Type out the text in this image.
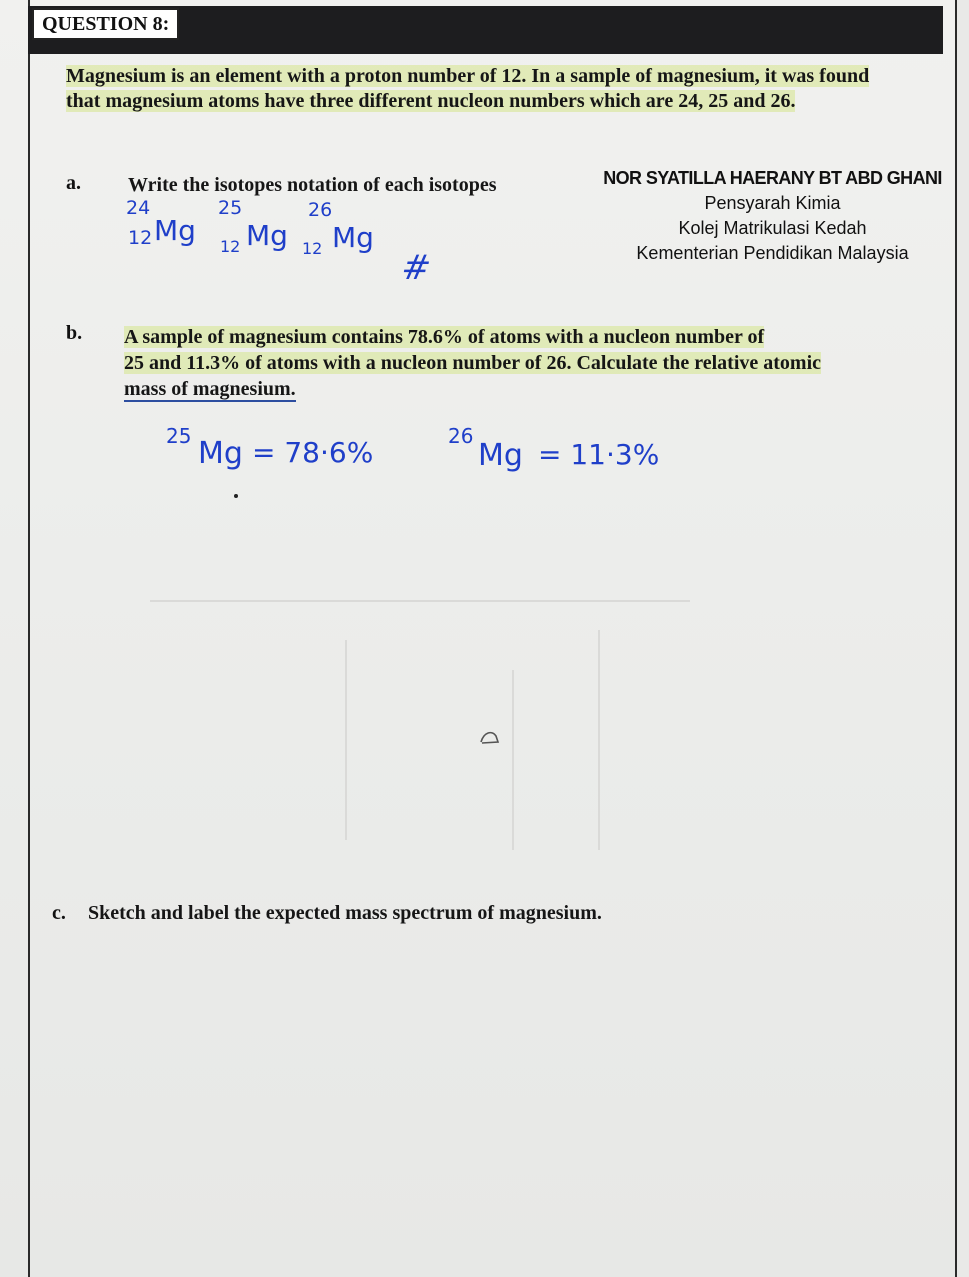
QUESTION 8:
Magnesium is an element with a proton number of 12. In a sample of magnesium, it was found
that magnesium atoms have three different nucleon numbers which are 24, 25 and 26.
a. Write the isotopes notation of each isotopes
24
12 Mg
25
12 Mg
26
12 Mg
#
NOR SYATILLA HAERANY BT ABD GHANI
Pensyarah Kimia
Kolej Matrikulasi Kedah
Kementerian Pendidikan Malaysia
b. A sample of magnesium contains 78.6% of atoms with a nucleon number of
25 and 11.3% of atoms with a nucleon number of 26. Calculate the relative atomic
mass of magnesium.
25 Mg = 78·6%	26
Mg = 11·3%
c. Sketch and label the expected mass spectrum of magnesium.
